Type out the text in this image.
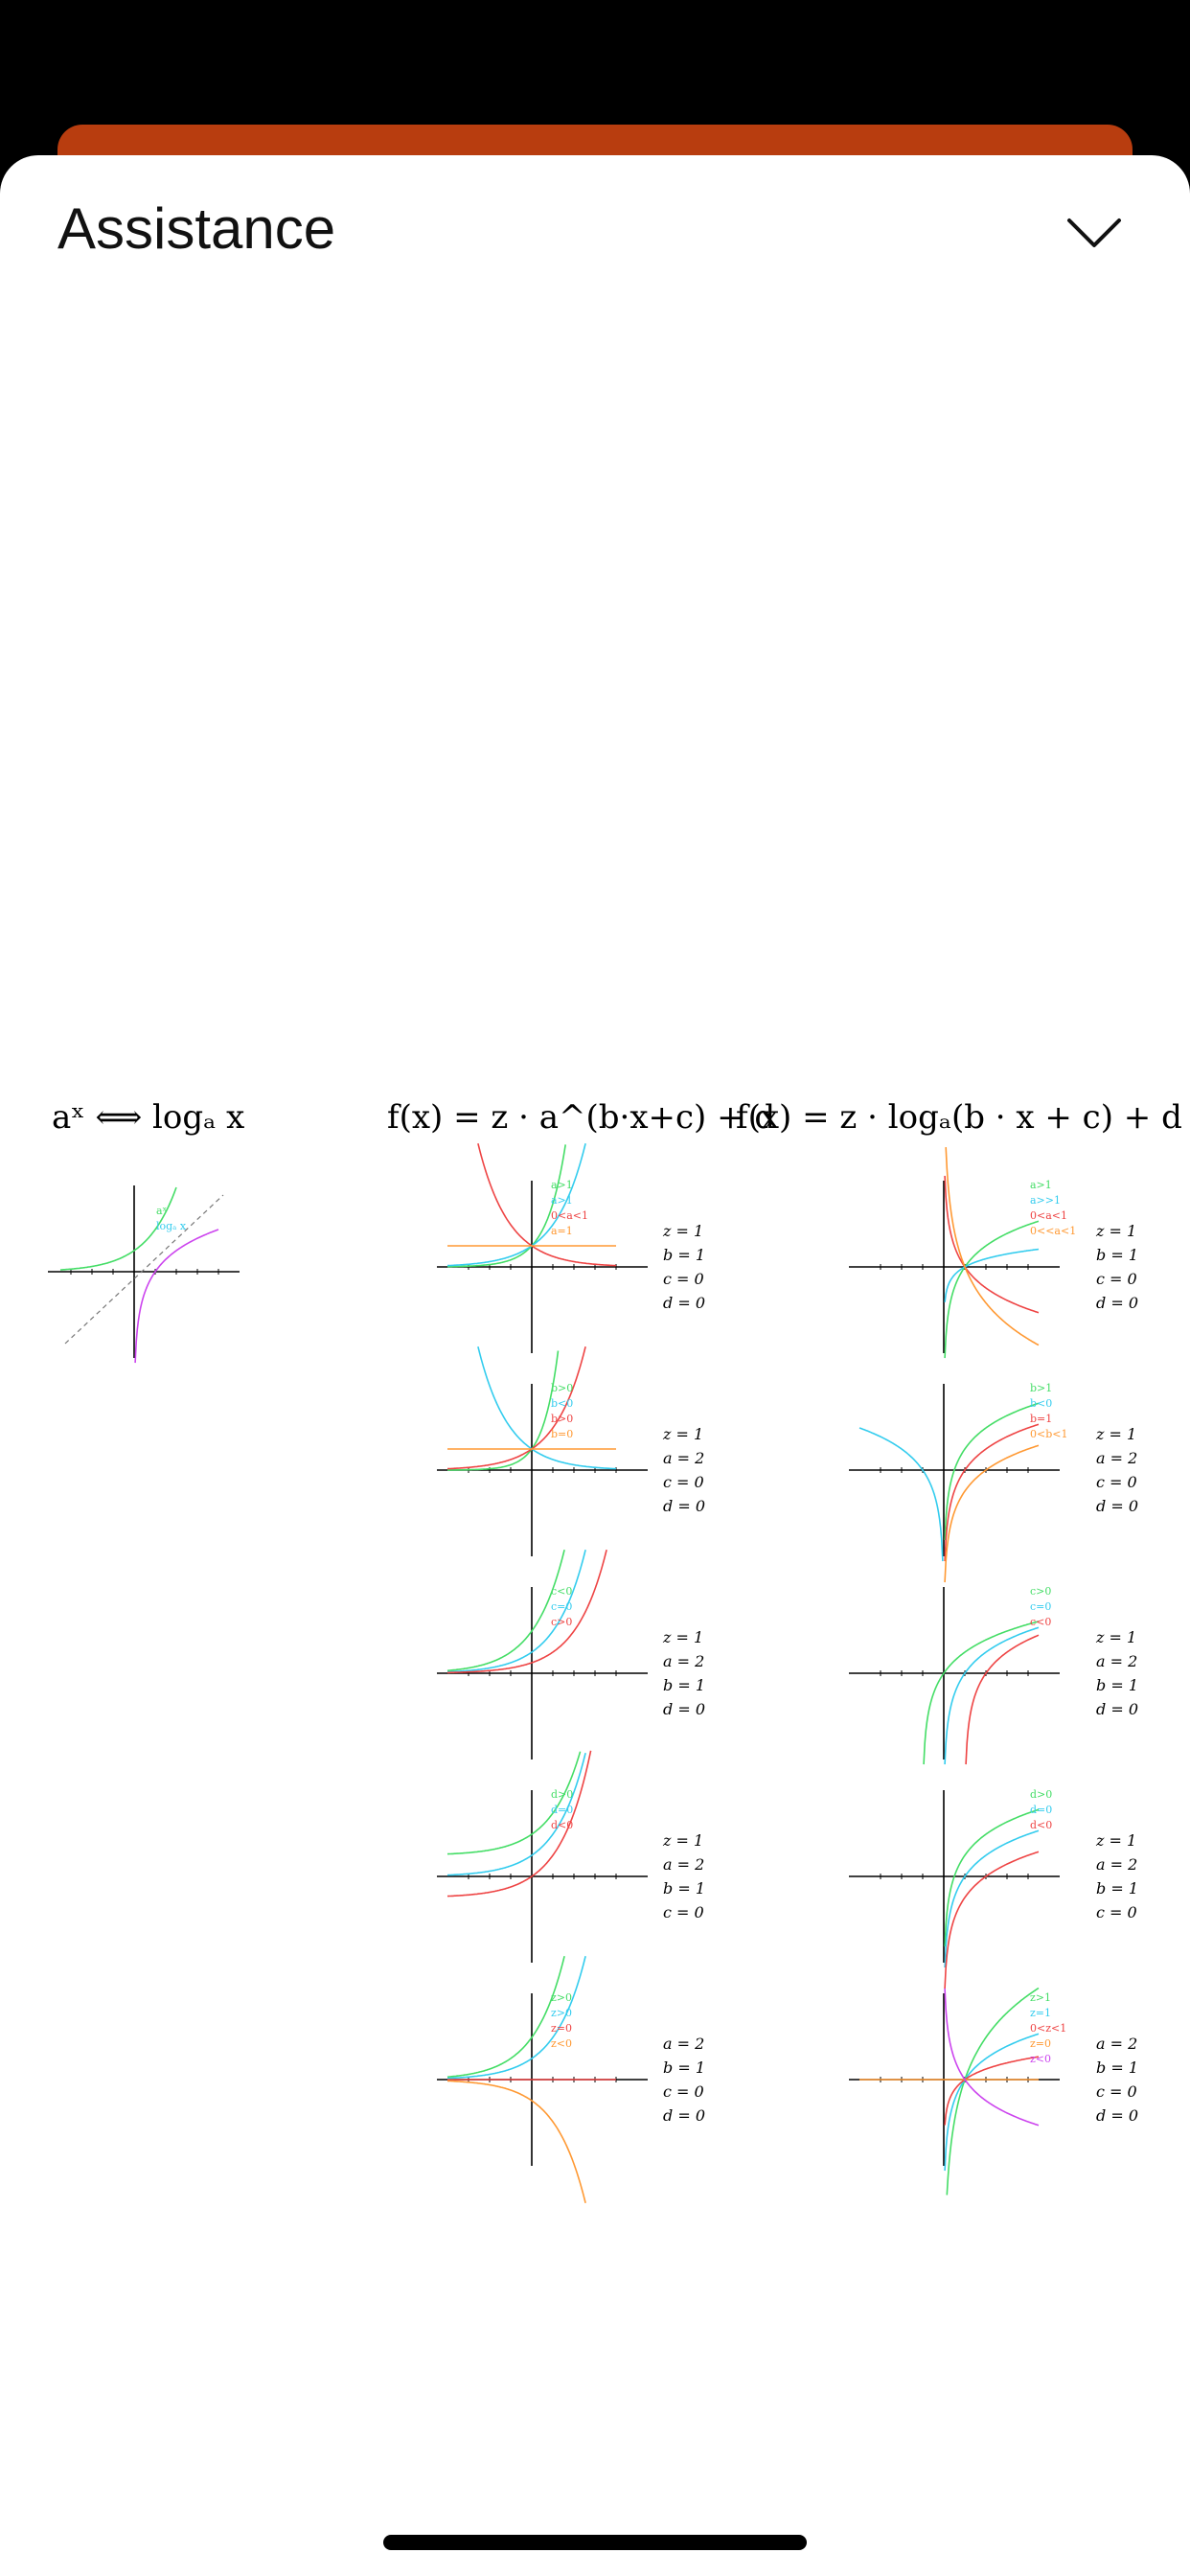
Assistance
aˣ ⟺ logₐ x	f(x) = z · a^(b·x+c) + d
f(x) = z · logₐ(b · x + c) + d
aˣ
logₐ x
a>1
a>1
0<a<1
a=1	z = 1
b = 1
c = 0
d = 0
b>0
b<0
b>0
b=0	z = 1
a = 2
c = 0
d = 0
c<0
c=0
c>0
z = 1
a = 2
b = 1
d = 0
d>0
d=0
d<0
z = 1
a = 2
b = 1
c = 0
z>0
z>0
z=0
z<0	a = 2
b = 1
c = 0
d = 0
a>1
a>>1
0<a<1
0<<a<1 z = 1
b = 1
c = 0
d = 0
b>1
b<0
b=1
0<b<1 z = 1
a = 2
c = 0
d = 0
c>0
c=0
c<0
z = 1
a = 2
b = 1
d = 0
d>0
d=0
d<0
z = 1
a = 2
b = 1
c = 0
z>1
z=1
0<z<1
z=0
z<0
a = 2
b = 1
c = 0
d = 0
